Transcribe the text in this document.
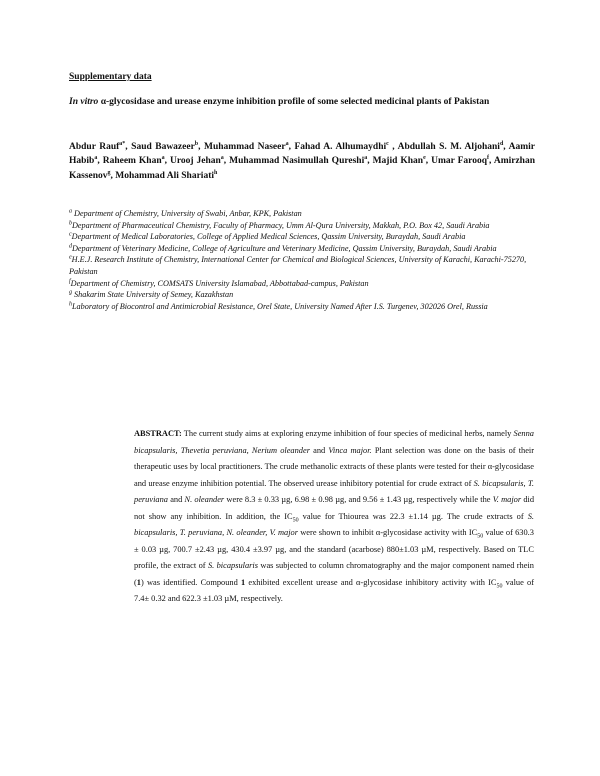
Supplementary data
In vitro α-glycosidase and urease enzyme inhibition profile of some selected medicinal plants of Pakistan
Abdur Rauf$^{a*}$, Saud Bawazeer$^b$, Muhammad Naseer$^a$, Fahad A. Alhumaydhi$^c$ , Abdullah S. M. Aljohani$^d$, Aamir Habib$^a$, Raheem Khan$^a$, Urooj Jehan$^a$, Muhammad Nasimullah Qureshi$^a$, Majid Khan$^e$, Umar Farooq$^f$, Amirzhan Kassenov$^g$, Mohammad Ali Shariati$^h$

$^a$ Department of Chemistry, University of Swabi, Anbar, KPK, Pakistan

$^b$Department of Pharmaceutical Chemistry, Faculty of Pharmacy, Umm Al-Qura University, Makkah, P.O. Box 42, Saudi Arabia

$^c$Department of Medical Laboratories, College of Applied Medical Sciences, Qassim University, Buraydah, Saudi Arabia

$^d$Department of Veterinary Medicine, College of Agriculture and Veterinary Medicine, Qassim University, Buraydah, Saudi Arabia

$^e$H.E.J. Research Institute of Chemistry, International Center for Chemical and Biological Sciences, University of Karachi, Karachi-75270, Pakistan

$^f$Department of Chemistry, COMSATS University Islamabad, Abbottabad-campus, Pakistan

$^g$ Shakarim State University of Semey, Kazakhstan

$^h$Laboratory of Biocontrol and Antimicrobial Resistance, Orel State, University Named After I.S. Turgenev, 302026 Orel, Russia

ABSTRACT: The current study aims at exploring enzyme inhibition of four species of medicinal herbs, namely Senna bicapsularis, Thevetia peruviana, Nerium oleander and Vinca major. Plant selection was done on the basis of their therapeutic uses by local practitioners. The crude methanolic extracts of these plants were tested for their α-glycosidase and urease enzyme inhibition potential. The observed urease inhibitory potential for crude extract of S. bicapsularis, T. peruviana and N. oleander were 8.3 ± 0.33 µg, 6.98 ± 0.98 µg, and 9.56 ± 1.43 µg, respectively while the V. major did not show any inhibition. In addition, the $IC_{50}$ value for Thiourea was 22.3 ±1.14 µg. The crude extracts of S. bicapsularis, T. peruviana, N. oleander, V. major were shown to inhibit α-glycosidase activity with $IC_{50}$ value of 630.3 ± 0.03 µg, 700.7 ±2.43 µg, 430.4 ±3.97 µg, and the standard (acarbose) 880±1.03 µM, respectively. Based on TLC profile, the extract of S. bicapsularis was subjected to column chromatography and the major component named rhein (1) was identified. Compound 1 exhibited excellent urease and α-glycosidase inhibitory activity with $IC_{50}$ value of 7.4± 0.32 and 622.3 ±1.03 µM, respectively.
